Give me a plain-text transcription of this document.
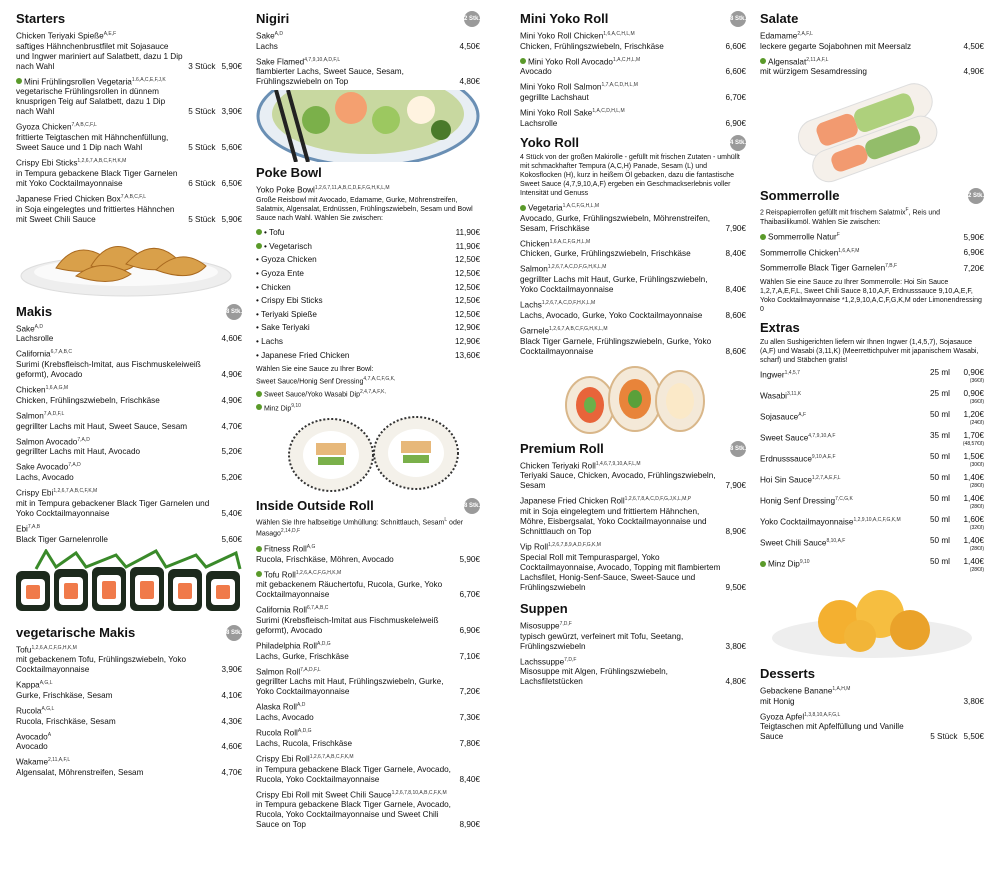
Starters
Chicken Teriyaki Spieße$^{A,E,F}$
saftiges Hähnchenbrustfilet mit Sojasauce und Ingwer mariniert auf Salatbett, dazu 1 Dip nach Wahl	3 Stück 5,90€
Mini Frühlingsrollen Vegetaria$^{1.6,A,C,E,F,J,K}$
vegetarische Frühlingsrollen in dünnem knusprigen Teig auf Salatbett, dazu 1 Dip nach Wahl	5 Stück 3,90€
Gyoza Chicken$^{7,A,B,C,F,L}$
frittierte Teigtaschen mit Hähnchenfüllung, Sweet Sauce und 1 Dip nach Wahl	5 Stück 5,60€
Crispy Ebi Sticks$^{1,2,6,7,A,B,C,F,H,K,M}$
in Tempura gebackene Black Tiger Garnelen mit Yoko Cocktailmayonnaise	6 Stück 6,50€
Japanese Fried Chicken Box$^{7,A,B,C,F,L}$
in Soja eingelegtes und frittiertes Hähnchen mit Sweet Chili Sauce	5 Stück 5,90€
Makis	8 Stk.
Sake$^{A,D}$
Lachsrolle	4,60€
California$^{6,7,A,B,C}$
Surimi (Krebsfleisch-Imitat, aus Fischmuskeleiweiß geformt), Avocado	4,90€
Chicken$^{1,6,A,G,M}$
Chicken, Frühlingszwiebeln, Frischkäse	4,90€
Salmon$^{7,A,D,F,L}$
gegrillter Lachs mit Haut, Sweet Sauce, Sesam	4,70€
Salmon Avocado$^{7,A,D}$
gegrillter Lachs mit Haut, Avocado	5,20€
Sake Avocado$^{7,A,D}$
Lachs, Avocado	5,20€
Crispy Ebi$^{1,2,6,7,A,B,C,F,K,M}$
mit in Tempura gebackener Black Tiger Garnelen und Yoko Cocktailmayonnaise	5,40€
Ebi$^{7,A,B}$
Black Tiger Garnelenrolle	5,60€
vegetarische Makis	8 Stk.
Tofu$^{1,2,6,A,C,F,G,H,K,M}$
mit gebackenem Tofu, Frühlingszwiebeln, Yoko Cocktailmayonnaise	3,90€
Kappa$^{A,G,L}$
Gurke, Frischkäse, Sesam	4,10€
Rucola$^{A,G,L}$
Rucola, Frischkäse, Sesam	4,30€
Avocado$^A$
Avocado	4,60€
Wakame$^{2,11,A,F,L}$
Algensalat, Möhrenstreifen, Sesam	4,70€
Nigiri	2 Stk.
Sake$^{A,D}$
Lachs	4,50€
Sake Flamed$^{4,7,9,10,A,D,F,L}$
flambierter Lachs, Sweet Sauce, Sesam, Frühlingszwiebeln on Top	4,80€
Poke Bowl
Yoko Poke Bowl$^{1,2,6,7,11,A,B,C,D,E,F,G,H,K,L,M}$
Große Reisbowl mit Avocado, Edamame, Gurke, Möhrenstreifen, Salatmix, Algensalat, Erdnüssen, Frühlingszwiebeln, Sesam und Bowl Sauce nach Wahl. Wählen Sie zwischen:
• Tofu	11,90€
• Vegetarisch	11,90€
• Gyoza Chicken	12,50€
• Gyoza Ente	12,50€
• Chicken	12,50€
• Crispy Ebi Sticks	12,50€
• Teriyaki Spieße	12,50€
• Sake Teriyaki	12,90€
• Lachs	12,90€
• Japanese Fried Chicken	13,60€
Wählen Sie eine Sauce zu Ihrer Bowl:
Sweet Sauce/Honig Senf Dressing$^{4,7,A,C,F,G,K,}$
Sweet Sauce/Yoko Wasabi Dip$^{2,4,7,A,F,K,}$
Minz Dip$^{9,10}$
Inside Outside Roll	8 Stk.
Wählen Sie Ihre halbseitige Umhüllung: Schnittlauch, Sesam$^L$ oder Masago$^{2,14,D,F}$
Fitness Roll$^{A,G}$
Rucola, Frischkäse, Möhren, Avocado	5,90€
Tofu Roll$^{1,2,6,A,C,F,G,H,K,M}$
mit gebackenem Räuchertofu, Rucola, Gurke, Yoko Cocktailmayonnaise	6,70€
California Roll$^{6,7,A,B,C}$
Surimi (Krebsfleisch-Imitat aus Fischmuskeleiweiß geformt), Avocado	6,90€
Philadelphia Roll$^{A,D,G}$
Lachs, Gurke, Frischkäse	7,10€
Salmon Roll$^{7,A,D,F,L}$
gegrillter Lachs mit Haut, Frühlingszwiebeln, Gurke, Yoko Cocktailmayonnaise	7,20€
Alaska Roll$^{A,D}$
Lachs, Avocado	7,30€
Rucola Roll$^{A,D,G}$
Lachs, Rucola, Frischkäse	7,80€
Crispy Ebi Roll$^{1,2,6,7,A,B,C,F,K,M}$
in Tempura gebackene Black Tiger Garnele, Avocado, Rucola, Yoko Cocktailmayonnaise	8,40€
Crispy Ebi Roll mit Sweet Chili Sauce$^{1,2,6,7,8,10,A,B,C,F,K,M}$
in Tempura gebackene Black Tiger Garnele, Avocado, Rucola, Yoko Cocktailmayonnaise und Sweet Chili Sauce on Top	8,90€
Mini Yoko Roll	8 Stk.
Mini Yoko Roll Chicken$^{1,6,A,C,H,L,M}$
Chicken, Frühlingszwiebeln, Frischkäse	6,60€
Mini Yoko Roll Avocado$^{1,A,C,H,L,M}$
Avocado	6,60€
Mini Yoko Roll Salmon$^{1,7,A,C,D,H,L,M}$
gegrillte Lachshaut	6,70€
Mini Yoko Roll Sake$^{1,A,C,D,H,L,M}$
Lachsrolle	6,90€
Yoko Roll	4 Stk.
4 Stück von der großen Makirolle - gefüllt mit frischen Zutaten - umhüllt mit schmackhafter Tempura (A,C,H) Panade, Sesam (L) und Kokosflocken (H), kurz in heißem Öl gebacken, dazu die fantastische Sweet Sauce (4,7,9,10,A,F) ergeben ein Geschmackserlebnis voller Intensität und Genuss
Vegetaria$^{1,A,C,F,G,H,L,M}$
Avocado, Gurke, Frühlingszwiebeln, Möhrenstreifen, Sesam, Frischkäse	7,90€
Chicken$^{1,6,A,C,F,G,H,L,M}$
Chicken, Gurke, Frühlingszwiebeln, Frischkäse	8,40€
Salmon$^{1,2,6,7,A,C,D,F,G,H,K,L,M}$
gegrillter Lachs mit Haut, Gurke, Frühlingszwiebeln, Yoko Cocktailmayonnaise	8,40€
Lachs$^{1,2,6,7,A,C,D,F,H,K,L,M}$
Lachs, Avocado, Gurke, Yoko Cocktailmayonnaise	8,60€
Garnele$^{1,2,6,7,A,B,C,F,G,H,K,L,M}$
Black Tiger Garnele, Frühlingszwiebeln, Gurke, Yoko Cocktailmayonnaise	8,60€
Premium Roll	8 Stk.
Chicken Teriyaki Roll$^{1,4,6,7,9,10,A,F,L,M}$
Teriyaki Sauce, Chicken, Avocado, Frühlingszwiebeln, Sesam	7,90€
Japanese Fried Chicken Roll$^{1,2,6,7,8,A,C,D,F,G,J,K,L,M,P}$
mit in Soja eingelegtem und frittiertem Hähnchen, Möhre, Eisbergsalat, Yoko Cocktailmayonnaise und Schnittlauch on Top	8,90€
Vip Roll$^{1,2,6,7,8,9,A,D,F,G,K,M}$
Special Roll mit Tempuraspargel, Yoko Cocktailmayonnaise, Avocado, Topping mit flambiertem Lachsfilet, Honig-Senf-Sauce, Sweet-Sauce und Frühlingszwiebeln	9,50€
Suppen
Misosuppe$^{7,D,F}$
typisch gewürzt, verfeinert mit Tofu, Seetang, Frühlingszwiebeln	3,80€
Lachssuppe$^{7,D,F}$
Misosuppe mit Algen, Frühlingszwiebeln, Lachsfiletstücken	4,80€
Salate
Edamame$^{2,A,F,L}$
leckere gegarte Sojabohnen mit Meersalz	4,50€
Algensalat$^{2,11,A,F,L}$
mit würzigem Sesamdressing	4,90€
Sommerrolle	2 Stk.
2 Reispapierrollen gefüllt mit frischem Salatmix$^F$, Reis und Thaibasilikumöl. Wählen Sie zwischen:
Sommerrolle Natur$^F$	5,90€
Sommerrolle Chicken$^{1,6,A,F,M}$	6,90€
Sommerrolle Black Tiger Garnelen$^{7,B,F}$	7,20€
Wählen Sie eine Sauce zu Ihrer Sommerrolle: Hoi Sin Sauce 1,2,7,A,E,F,L, Sweet Chili Sauce 8,10,A,F, Erdnusssauce 9,10,A,E,F, Yoko Cocktailmayonnaise *1,2,9,10,A,C,F,G,K,M oder Limonendressing 0
Extras
Zu allen Sushigerichten liefern wir Ihnen Ingwer (1,4,5,7), Sojasauce (A,F) und Wasabi (3,11,K) (Meerrettichpulver mit japanischem Wasabi, scharf) und Stäbchen gratis!
Ingwer$^{1,4,5,7}$	25 ml	0,90€
(36€/l)
Wasabi$^{3,11,K}$	25 ml	0,90€
(36€/l)
Sojasauce$^{A,F}$	50 ml	1,20€
(24€/l)
Sweet Sauce$^{4,7,9,10,A,F}$	35 ml	1,70€
(48,57€/l)
Erdnusssauce$^{9,10,A,E,F}$	50 ml	1,50€
(30€/l)
Hoi Sin Sauce$^{1,2,7,A,E,F,L}$	50 ml	1,40€
(28€/l)
Honig Senf Dressing$^{7,C,G,K}$	50 ml	1,40€
(28€/l)
Yoko Cocktailmayonnaise$^{1,2,9,10,A,C,F,G,K,M}$	50 ml	1,60€
(32€/l)
Sweet Chili Sauce$^{8,10,A,F}$	50 ml	1,40€
(28€/l)
Minz Dip$^{9,10}$	50 ml	1,40€
(28€/l)
Desserts
Gebackene Banane$^{1,A,H,M}$
mit Honig	3,80€
Gyoza Apfel$^{1,3,8,10,A,F,G,L}$
Teigtaschen mit Apfelfüllung und Vanille Sauce	5 Stück 5,50€
